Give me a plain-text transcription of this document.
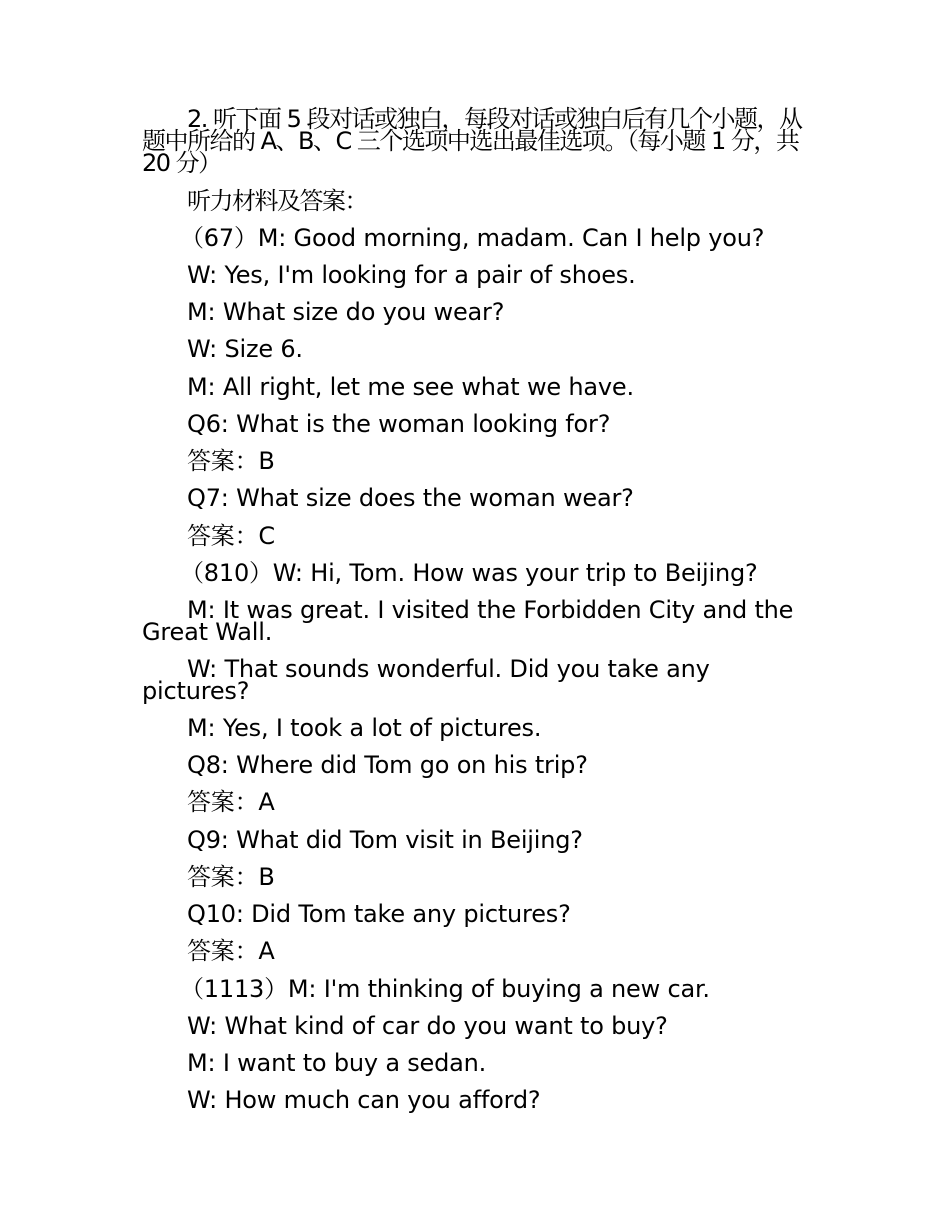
2. 听下面 5 段对话或独白，每段对话或独白后有几个小题，从题中所给的 A、B、C 三个选项中选出最佳选项。（每小题 1 分，共 20 分）
听力材料及答案：
（67）M: Good morning, madam. Can I help you?
W: Yes, I'm looking for a pair of shoes.
M: What size do you wear?
W: Size 6.
M: All right, let me see what we have.
Q6: What is the woman looking for?
答案：B
Q7: What size does the woman wear?
答案：C
（810）W: Hi, Tom. How was your trip to Beijing?
M: It was great. I visited the Forbidden City and the Great Wall.
W: That sounds wonderful. Did you take any pictures?
M: Yes, I took a lot of pictures.
Q8: Where did Tom go on his trip?
答案：A
Q9: What did Tom visit in Beijing?
答案：B
Q10: Did Tom take any pictures?
答案：A
（1113）M: I'm thinking of buying a new car.
W: What kind of car do you want to buy?
M: I want to buy a sedan.
W: How much can you afford?
